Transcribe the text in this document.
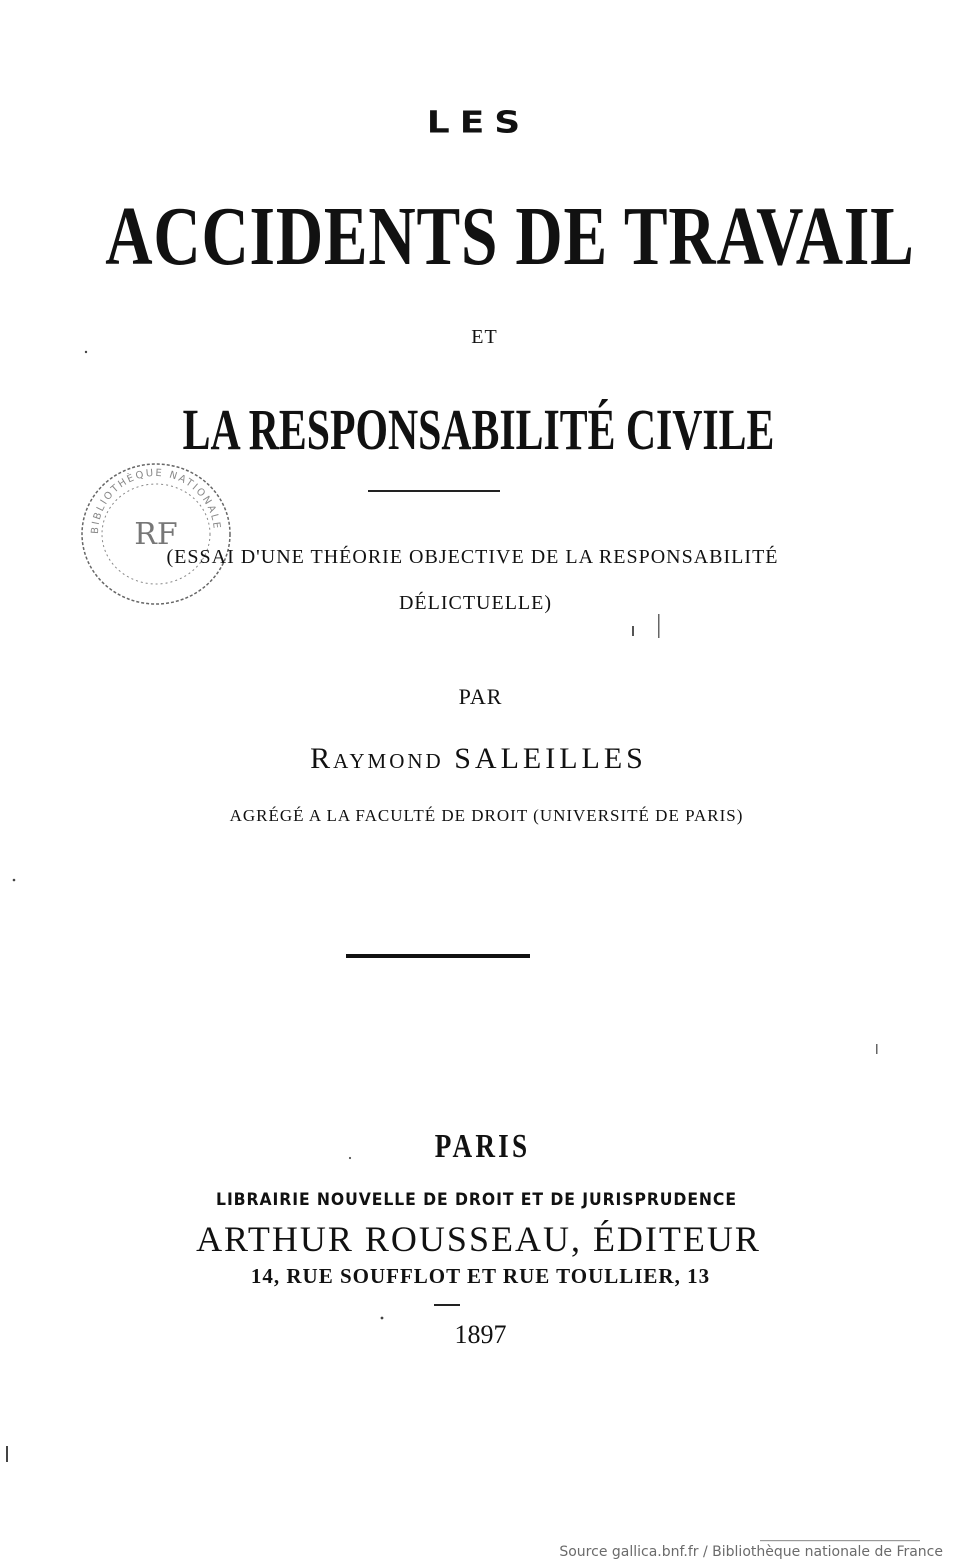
LES
ACCIDENTS DE TRAVAIL
ET
LA RESPONSABILITÉ CIVILE
RF
BIBLIOTHÈQUE NATIONALE
(ESSAI D'UNE THÉORIE OBJECTIVE DE LA RESPONSABILITÉ
DÉLICTUELLE)
PAR
Raymond SALEILLES
AGRÉGÉ A LA FACULTÉ DE DROIT (UNIVERSITÉ DE PARIS)
PARIS
LIBRAIRIE NOUVELLE DE DROIT ET DE JURISPRUDENCE
ARTHUR ROUSSEAU, ÉDITEUR
14, RUE SOUFFLOT ET RUE TOULLIER, 13
1897
Source gallica.bnf.fr / Bibliothèque nationale de France
